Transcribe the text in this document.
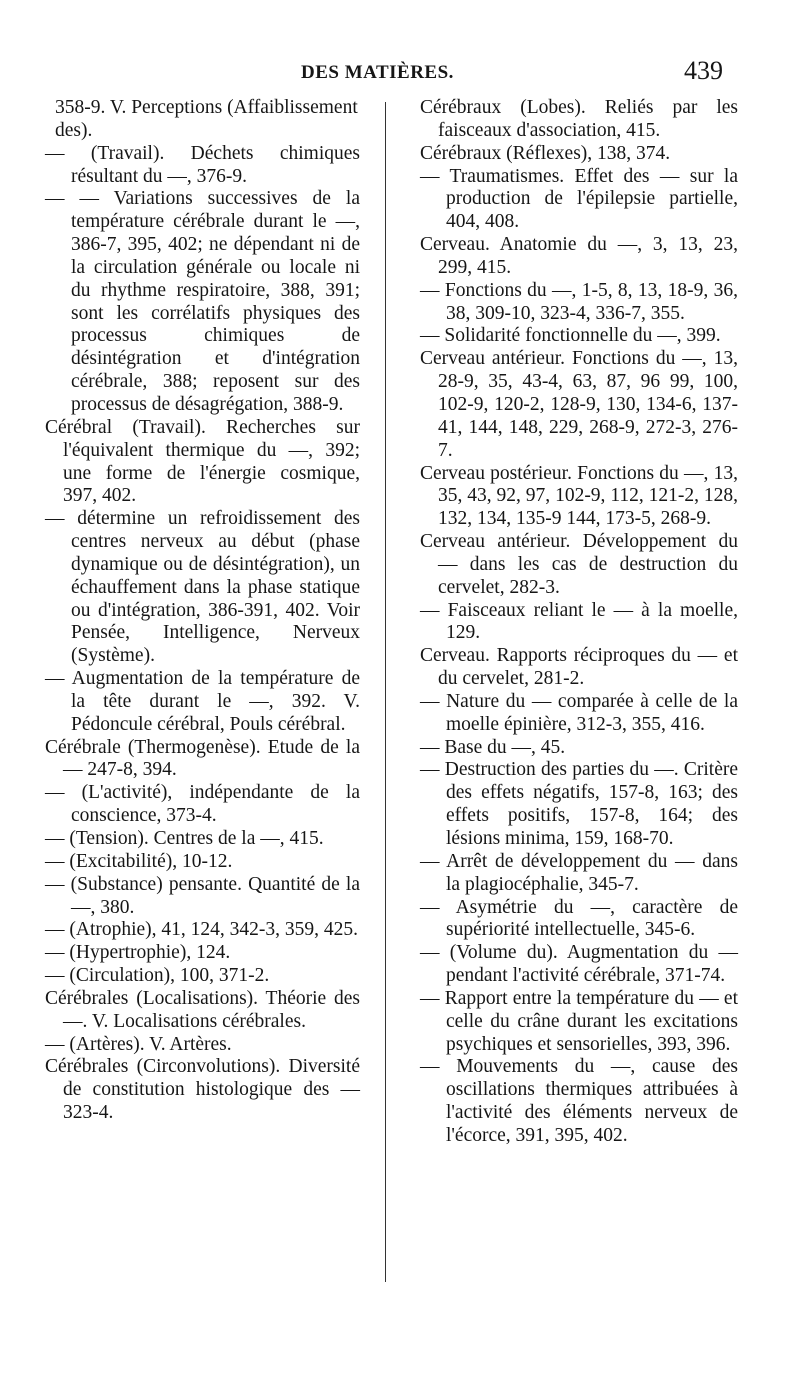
DES MATIÈRES.	439
358-9. V. Perceptions (Affaiblissement des).
— (Travail). Déchets chimiques résultant du —, 376-9.
— — Variations successives de la température cérébrale durant le —, 386-7, 395, 402; ne dépendant ni de la circulation générale ou locale ni du rhythme respiratoire, 388, 391; sont les corrélatifs physiques des processus chimiques de désintégration et d'intégration cérébrale, 388; reposent sur des processus de désagrégation, 388-9.
Cérébral (Travail). Recherches sur l'équivalent thermique du —, 392; une forme de l'énergie cosmique, 397, 402.
— détermine un refroidissement des centres nerveux au début (phase dynamique ou de désintégration), un échauffement dans la phase statique ou d'intégration, 386-391, 402. Voir Pensée, Intelligence, Nerveux (Système).
— Augmentation de la température de la tête durant le —, 392. V. Pédoncule cérébral, Pouls cérébral.
Cérébrale (Thermogenèse). Etude de la — 247-8, 394.
— (L'activité), indépendante de la conscience, 373-4.
— (Tension). Centres de la —, 415.
— (Excitabilité), 10-12.
— (Substance) pensante. Quantité de la —, 380.
— (Atrophie), 41, 124, 342-3, 359, 425.
— (Hypertrophie), 124.
— (Circulation), 100, 371-2.
Cérébrales (Localisations). Théorie des —. V. Localisations cérébrales.
— (Artères). V. Artères.
Cérébrales (Circonvolutions). Diversité de constitution histologique des — 323-4.
Cérébraux (Lobes). Reliés par les faisceaux d'association, 415.
Cérébraux (Réflexes), 138, 374.
— Traumatismes. Effet des — sur la production de l'épilepsie partielle, 404, 408.
Cerveau. Anatomie du —, 3, 13, 23, 299, 415.
— Fonctions du —, 1-5, 8, 13, 18-9, 36, 38, 309-10, 323-4, 336-7, 355.
— Solidarité fonctionnelle du —, 399.
Cerveau antérieur. Fonctions du —, 13, 28-9, 35, 43-4, 63, 87, 96 99, 100, 102-9, 120-2, 128-9, 130, 134-6, 137-41, 144, 148, 229, 268-9, 272-3, 276-7.
Cerveau postérieur. Fonctions du —, 13, 35, 43, 92, 97, 102-9, 112, 121-2, 128, 132, 134, 135-9 144, 173-5, 268-9.
Cerveau antérieur. Développement du — dans les cas de destruction du cervelet, 282-3.
— Faisceaux reliant le — à la moelle, 129.
Cerveau. Rapports réciproques du — et du cervelet, 281-2.
— Nature du — comparée à celle de la moelle épinière, 312-3, 355, 416.
— Base du —, 45.
— Destruction des parties du —. Critère des effets négatifs, 157-8, 163; des effets positifs, 157-8, 164; des lésions minima, 159, 168-70.
— Arrêt de développement du — dans la plagiocéphalie, 345-7.
— Asymétrie du —, caractère de supériorité intellectuelle, 345-6.
— (Volume du). Augmentation du — pendant l'activité cérébrale, 371-74.
— Rapport entre la température du — et celle du crâne durant les excitations psychiques et sensorielles, 393, 396.
— Mouvements du —, cause des oscillations thermiques attribuées à l'activité des éléments nerveux de l'écorce, 391, 395, 402.
